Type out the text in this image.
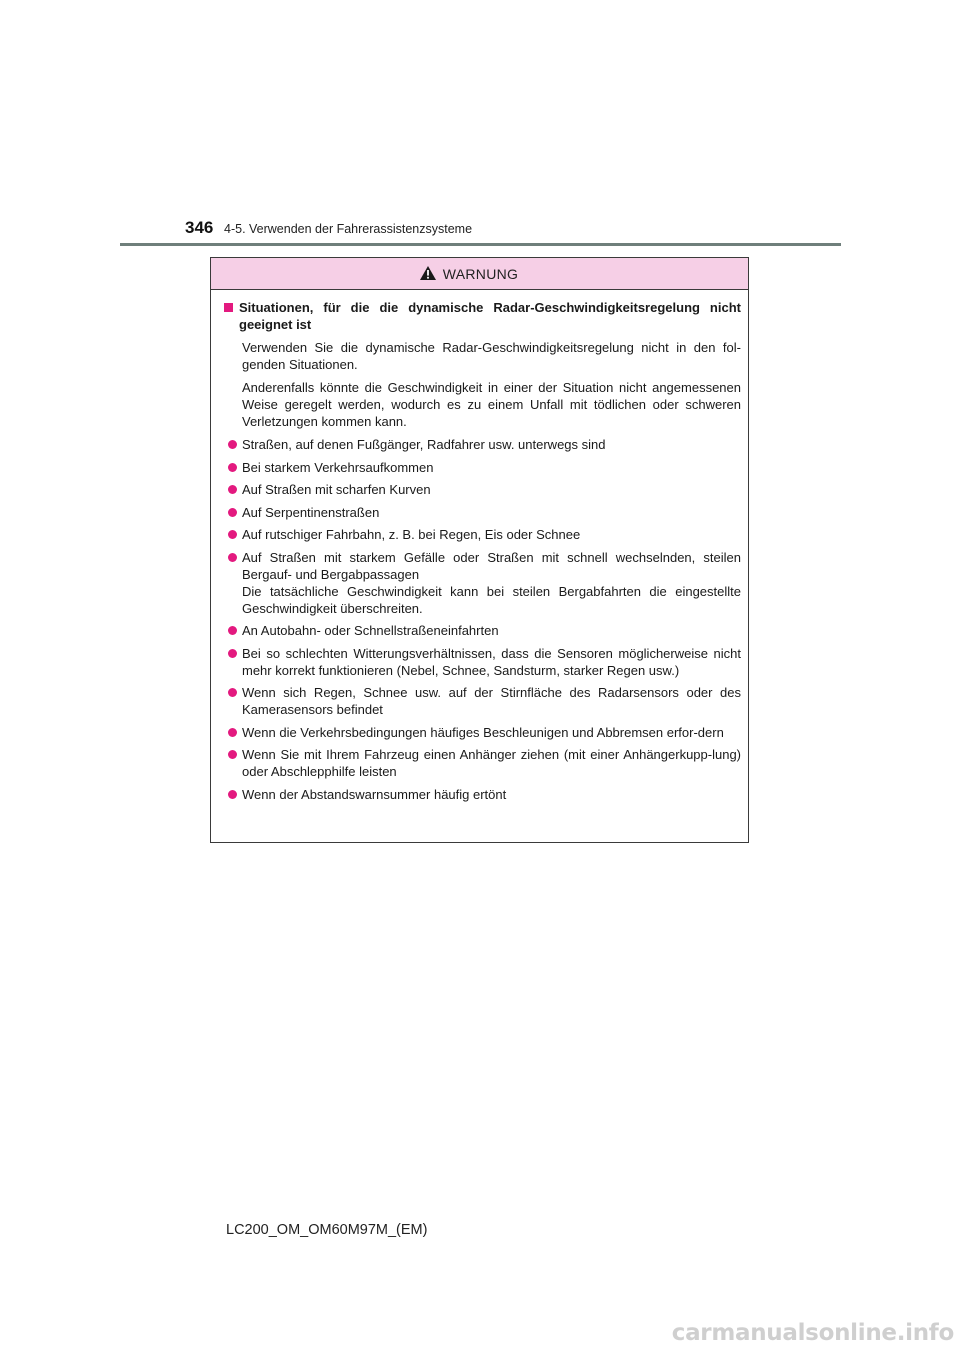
346 4-5. Verwenden der Fahrerassistenzsysteme
WARNUNG
Situationen, für die die dynamische Radar-Geschwindigkeitsregelung nicht geeignet ist
Verwenden Sie die dynamische Radar-Geschwindigkeitsregelung nicht in den fol-genden Situationen.
Anderenfalls könnte die Geschwindigkeit in einer der Situation nicht angemessenen Weise geregelt werden, wodurch es zu einem Unfall mit tödlichen oder schweren Verletzungen kommen kann.
Straßen, auf denen Fußgänger, Radfahrer usw. unterwegs sind
Bei starkem Verkehrsaufkommen
Auf Straßen mit scharfen Kurven
Auf Serpentinenstraßen
Auf rutschiger Fahrbahn, z. B. bei Regen, Eis oder Schnee
Auf Straßen mit starkem Gefälle oder Straßen mit schnell wechselnden, steilen Bergauf- und Bergabpassagen
Die tatsächliche Geschwindigkeit kann bei steilen Bergabfahrten die eingestellte Geschwindigkeit überschreiten.
An Autobahn- oder Schnellstraßeneinfahrten
Bei so schlechten Witterungsverhältnissen, dass die Sensoren möglicherweise nicht mehr korrekt funktionieren (Nebel, Schnee, Sandsturm, starker Regen usw.)
Wenn sich Regen, Schnee usw. auf der Stirnfläche des Radarsensors oder des Kamerasensors befindet
Wenn die Verkehrsbedingungen häufiges Beschleunigen und Abbremsen erfor-dern
Wenn Sie mit Ihrem Fahrzeug einen Anhänger ziehen (mit einer Anhängerkupp-lung) oder Abschlepphilfe leisten
Wenn der Abstandswarnsummer häufig ertönt
LC200_OM_OM60M97M_(EM)
carmanualsonline.info
